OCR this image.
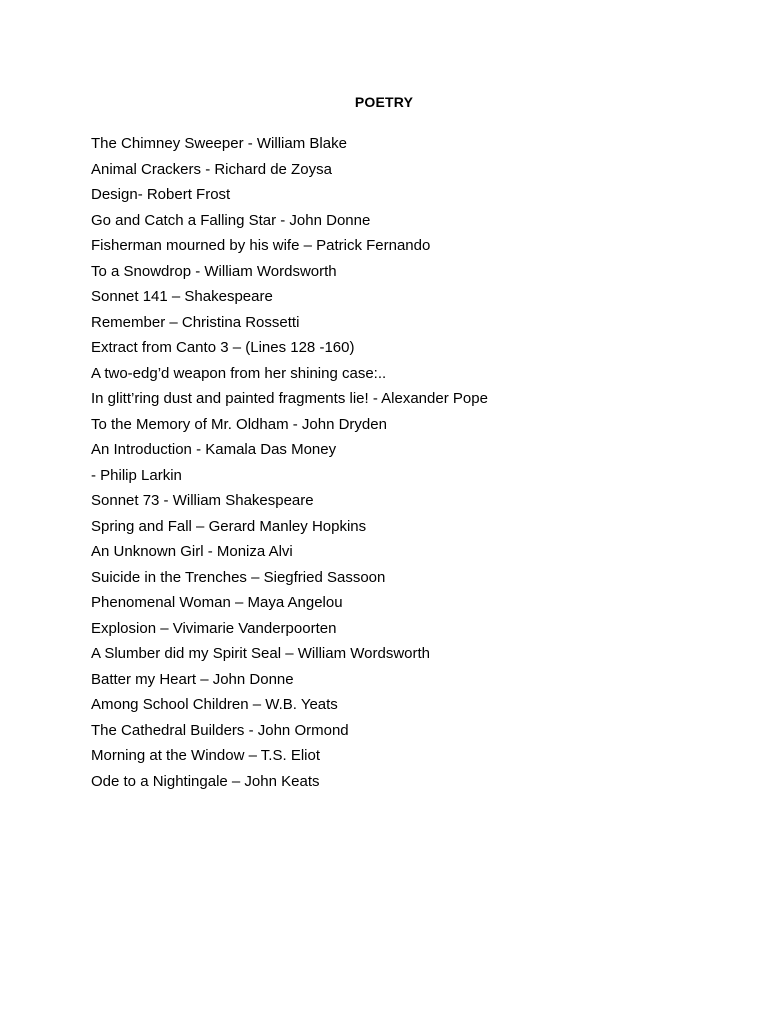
POETRY
The Chimney Sweeper - William Blake
Animal Crackers - Richard de Zoysa
Design- Robert Frost
Go and Catch a Falling Star - John Donne
Fisherman mourned by his wife – Patrick Fernando
To a Snowdrop - William Wordsworth
Sonnet 141 – Shakespeare
Remember – Christina Rossetti
Extract from Canto 3 – (Lines 128 -160)
A two-edg’d weapon from her shining case:..
In glitt’ring dust and painted fragments lie! - Alexander Pope
To the Memory of Mr. Oldham - John Dryden
An Introduction - Kamala Das Money
- Philip Larkin
Sonnet 73 - William Shakespeare
Spring and Fall – Gerard Manley Hopkins
An Unknown Girl - Moniza Alvi
Suicide in the Trenches – Siegfried Sassoon
Phenomenal Woman – Maya Angelou
Explosion – Vivimarie Vanderpoorten
A Slumber did my Spirit Seal – William Wordsworth
Batter my Heart – John Donne
Among School Children – W.B. Yeats
The Cathedral Builders - John Ormond
Morning at the Window – T.S. Eliot
Ode to a Nightingale – John Keats
